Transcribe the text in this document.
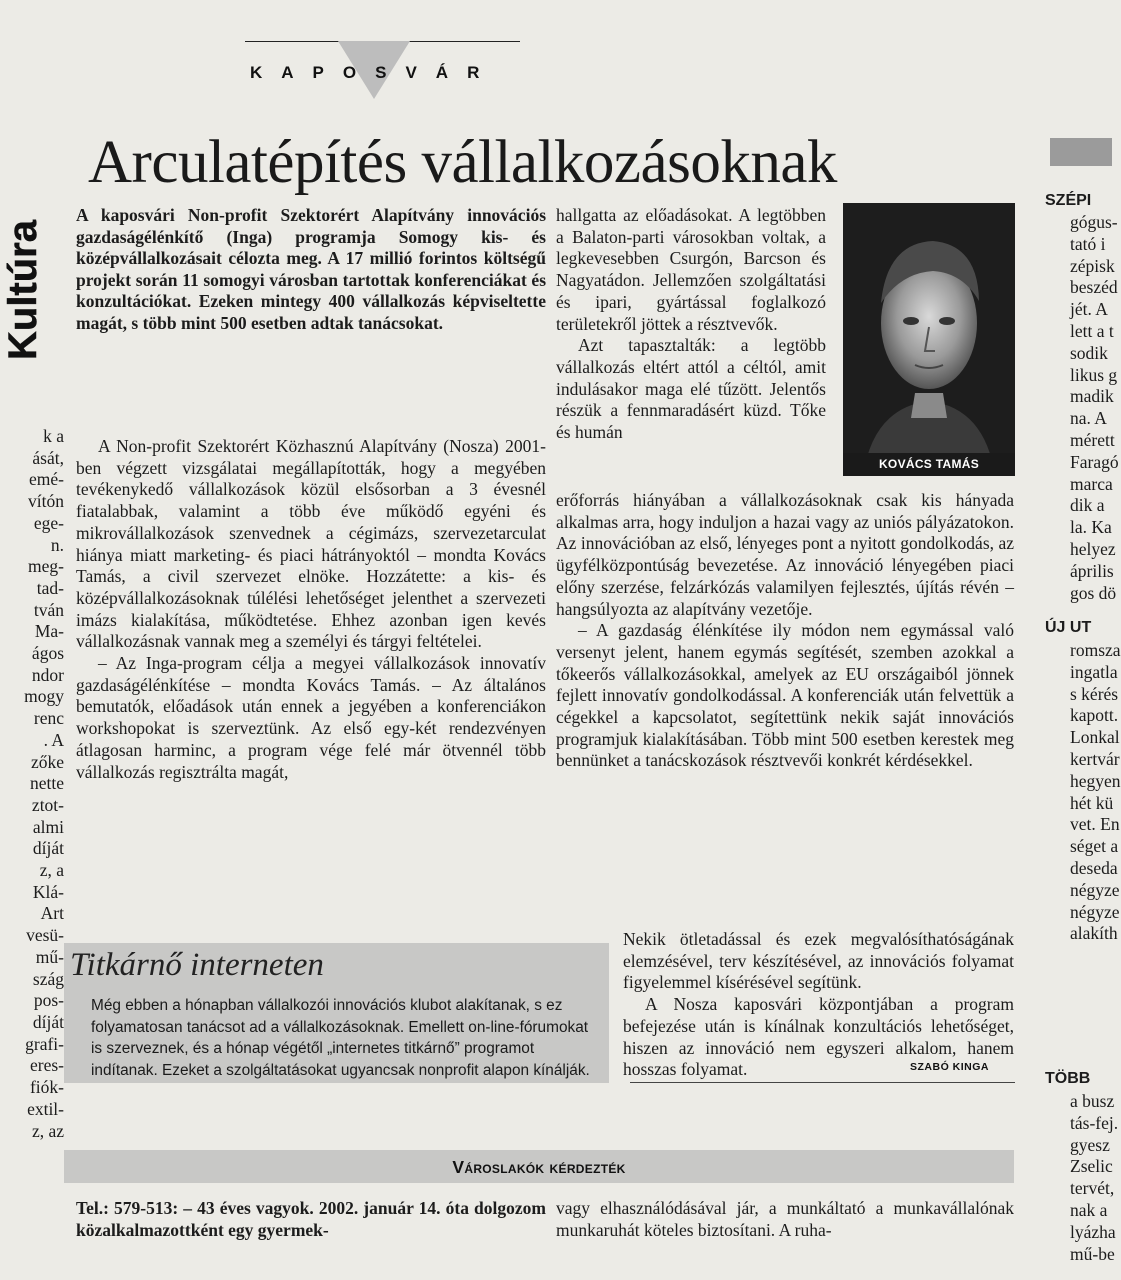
KAPOSVÁR
Arculatépítés vállalkozásoknak
A kaposvári Non-profit Szektorért Alapítvány innovációs gazdaságélénkítő (Inga) programja Somogy kis- és középvállalkozásait célozta meg. A 17 millió forintos költségű projekt során 11 somogyi városban tartottak konferenciákat és konzultációkat. Ezeken mintegy 400 vállalkozás képviseltette magát, s több mint 500 esetben adtak tanácsokat.

A Non-profit Szektorért Közhasznú Alapítvány (Nosza) 2001-ben végzett vizsgálatai megállapították, hogy a megyében tevékenykedő vállalkozások közül elsősorban a 3 évesnél fiatalabbak, valamint a több éve működő egyéni és mikrovállalkozások szenvednek a cégimázs, szervezetarculat hiánya miatt marketing- és piaci hátrányoktól – mondta Kovács Tamás, a civil szervezet elnöke. Hozzátette: a kis- és középvállalkozásoknak túlélési lehetőséget jelenthet a szervezeti imázs kialakítása, működtetése. Ehhez azonban igen kevés vállalkozásnak vannak meg a személyi és tárgyi feltételei.

– Az Inga-program célja a megyei vállalkozások innovatív gazdaságélénkítése – mondta Kovács Tamás. – Az általános bemutatók, előadások után ennek a jegyében a konferenciákon workshopokat is szerveztünk. Az első egy-két rendezvényen átlagosan harminc, a program vége felé már ötvennél több vállalkozás regisztrálta magát,

hallgatta az előadásokat. A legtöbben a Balaton-parti városokban voltak, a legkevesebben Csurgón, Barcson és Nagyatádon. Jellemzően szolgáltatási és ipari, gyártással foglalkozó területekről jöttek a résztvevők.

Azt tapasztalták: a legtöbb vállalkozás eltért attól a céltól, amit indulásakor maga elé tűzött. Jelentős részük a fennmaradásért küzd. Tőke és humán

KOVÁCS TAMÁS

erőforrás hiányában a vállalkozásoknak csak kis hányada alkalmas arra, hogy induljon a hazai vagy az uniós pályázatokon. Az innovációban az első, lényeges pont a nyitott gondolkodás, az ügyfélközpontúság bevezetése. Az innováció lényegében piaci előny szerzése, felzárkózás valamilyen fejlesztés, újítás révén – hangsúlyozta az alapítvány vezetője.

– A gazdaság élénkítése ily módon nem egymással való versenyt jelent, hanem egymás segítését, szemben azokkal a tőkeerős vállalkozásokkal, amelyek az EU országaiból jönnek fejlett innovatív gondolkodással. A konferenciák után felvettük a cégekkel a kapcsolatot, segítettünk nekik saját innovációs programjuk kialakításában. Több mint 500 esetben kerestek meg bennünket a tanácskozások résztvevői konkrét kérdésekkel.

Nekik ötletadással és ezek megvalósíthatóságának elemzésével, terv készítésével, az innovációs folyamat figyelemmel kísérésével segítünk.

A Nosza kaposvári központjában a program befejezése után is kínálnak konzultációs lehetőséget, hiszen az innováció nem egyszeri alkalom, hanem hosszas folyamat.	SZABÓ KINGA
Titkárnő interneten
Még ebben a hónapban vállalkozói innovációs klubot alakítanak, s ez folyamatosan tanácsot ad a vállalkozásoknak. Emellett on-line-fórumokat is szerveznek, és a hónap végétől „internetes titkárnő” programot indítanak. Ezeket a szolgáltatásokat ugyancsak nonprofit alapon kínálják.
Városlakók kérdezték
Tel.: 579-513: – 43 éves vagyok. 2002. január 14. óta dolgozom közalkalmazottként egy gyermek-
vagy elhasználódásával jár, a munkáltató a munkavállalónak munkaruhát köteles biztosítani. A ruha-
Kultúra
k a
ását,
emé-
vítón
ege-
n.
meg-
tad-
tván
Ma-
ágos
ndor
mogy
renc
. A
zőke
nette
ztot-
almi
díját
z, a
Klá-
Art
vesü-
mű-
szág
pos-
díját
grafi-
eres-
fiók-
extil-
z, az
SZÉPI
gógus-
tató i
zépisk
beszéd
jét. A
lett a t
sodik
likus g
madik
na. A
mérett
Faragó
marca
dik a
la. Ka
helyez
április
gos dö
ÚJ UT
romsza
ingatla
s kérés
kapott.
Lonkal
kertvár
hegyen
hét kü
vet. En
séget a
deseda
négyze
négyze
alakíth
TÖBB
a busz
tás-fej.
gyesz
Zselic
tervét,
nak a
lyázha
mű-be
